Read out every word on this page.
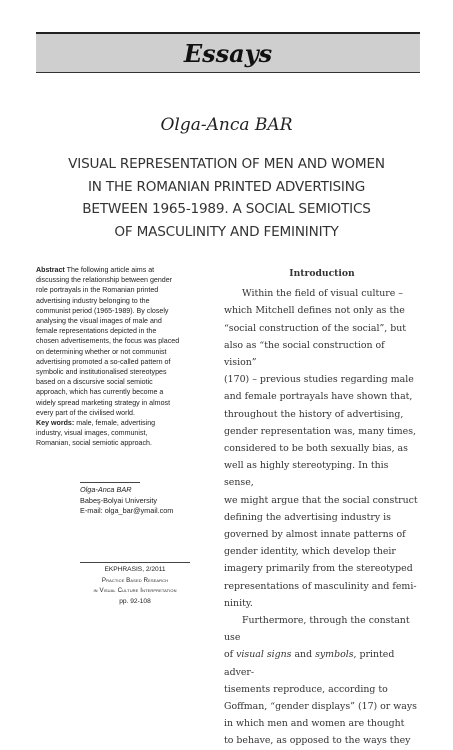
Essays
Olga-Anca BAR
VISUAL REPRESENTATION OF MEN AND WOMEN
IN THE ROMANIAN PRINTED ADVERTISING
BETWEEN 1965-1989. A SOCIAL SEMIOTICS
OF MASCULINITY AND FEMININITY
Abstract The following article aims at discussing the relationship between gender role portrayals in the Romanian printed advertising industry belonging to the communist period (1965-1989). By closely analysing the visual images of male and female representations depicted in the chosen advertisements, the focus was placed on determining whether or not communist advertising promoted a so-called pattern of symbolic and institutionalised stereotypes based on a discursive social semiotic approach, which has currently become a widely spread marketing strategy in almost every part of the civilised world.
Key words: male, female, advertising industry, visual images, communist, Romanian, social semiotic approach.
Olga-Anca BAR
Babeş-Bolyai University
E-mail: olga_bar@ymail.com
EKPHRASIS, 2/2011
Practice Based Research
in Visual Culture Interpretation
pp. 92-108
Introduction

Within the field of visual culture –
which Mitchell defines not only as the
“social construction of the social”, but
also as “the social construction of vision”
(170) – previous studies regarding male
and female portrayals have shown that,
throughout the history of advertising,
gender representation was, many times,
considered to be both sexually bias, as
well as highly stereotyping. In this sense,
we might argue that the social construct
defining the advertising industry is
governed by almost innate patterns of
gender identity, which develop their
imagery primarily from the stereotyped
representations of masculinity and femi-
ninity.

Furthermore, through the constant use
of visual signs and symbols, printed adver-
tisements reproduce, according to
Goffman, “gender displays” (17) or ways
in which men and women are thought
to behave, as opposed to the ways they
